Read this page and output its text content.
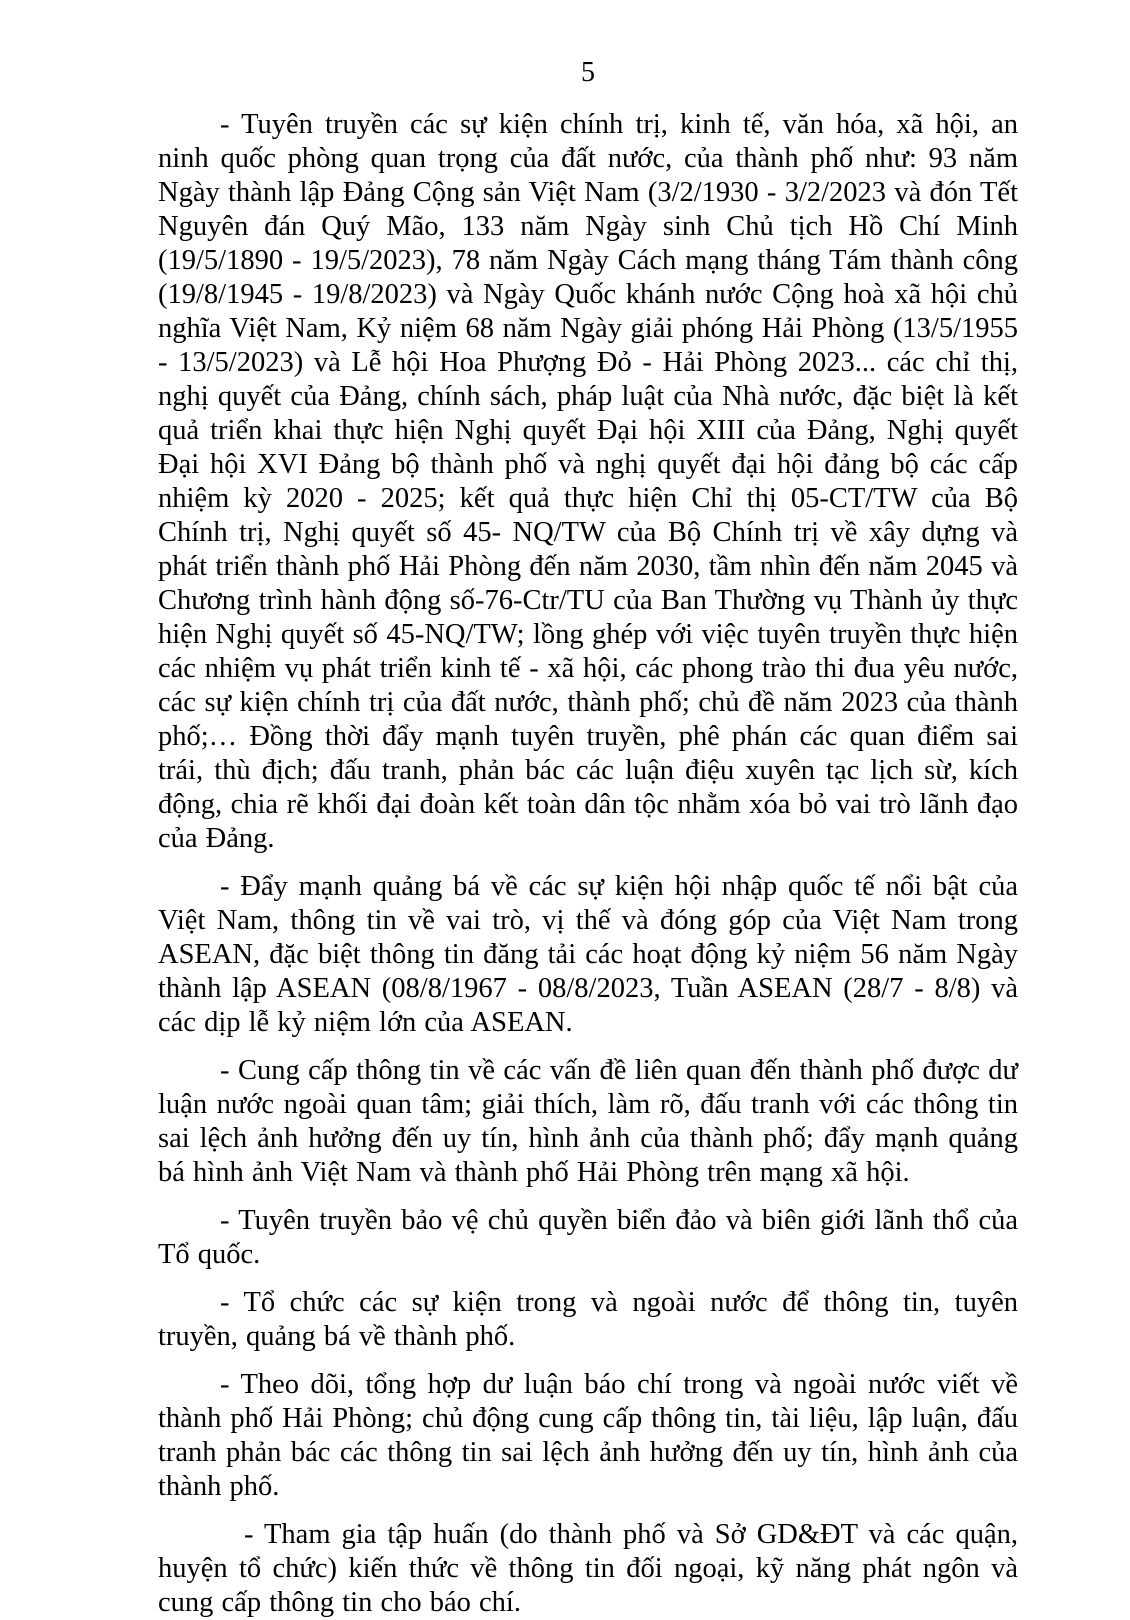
5

- Tuyên truyền các sự kiện chính trị, kinh tế, văn hóa, xã hội, an ninh quốc phòng quan trọng của đất nước, của thành phố như: 93 năm Ngày thành lập Đảng Cộng sản Việt Nam (3/2/1930 - 3/2/2023 và đón Tết Nguyên đán Quý Mão, 133 năm Ngày sinh Chủ tịch Hồ Chí Minh (19/5/1890 - 19/5/2023), 78 năm Ngày Cách mạng tháng Tám thành công (19/8/1945 - 19/8/2023) và Ngày Quốc khánh nước Cộng hoà xã hội chủ nghĩa Việt Nam, Kỷ niệm 68 năm Ngày giải phóng Hải Phòng (13/5/1955 - 13/5/2023) và Lễ hội Hoa Phượng Đỏ - Hải Phòng 2023... các chỉ thị, nghị quyết của Đảng, chính sách, pháp luật của Nhà nước, đặc biệt là kết quả triển khai thực hiện Nghị quyết Đại hội XIII của Đảng, Nghị quyết Đại hội XVI Đảng bộ thành phố và nghị quyết đại hội đảng bộ các cấp nhiệm kỳ 2020 - 2025; kết quả thực hiện Chỉ thị 05-CT/TW của Bộ Chính trị, Nghị quyết số 45- NQ/TW của Bộ Chính trị về xây dựng và phát triển thành phố Hải Phòng đến năm 2030, tầm nhìn đến năm 2045 và Chương trình hành động số-76-Ctr/TU của Ban Thường vụ Thành ủy thực hiện Nghị quyết số 45-NQ/TW; lồng ghép với việc tuyên truyền thực hiện các nhiệm vụ phát triển kinh tế - xã hội, các phong trào thi đua yêu nước, các sự kiện chính trị của đất nước, thành phố; chủ đề năm 2023 của thành phố;… Đồng thời đẩy mạnh tuyên truyền, phê phán các quan điểm sai trái, thù địch; đấu tranh, phản bác các luận điệu xuyên tạc lịch sừ, kích động, chia rẽ khối đại đoàn kết toàn dân tộc nhằm xóa bỏ vai trò lãnh đạo của Đảng.

- Đẩy mạnh quảng bá về các sự kiện hội nhập quốc tế nổi bật của Việt Nam, thông tin về vai trò, vị thế và đóng góp của Việt Nam trong ASEAN, đặc biệt thông tin đăng tải các hoạt động kỷ niệm 56 năm Ngày thành lập ASEAN (08/8/1967 - 08/8/2023, Tuần ASEAN (28/7 - 8/8) và các dịp lễ kỷ niệm lớn của ASEAN.

- Cung cấp thông tin về các vấn đề liên quan đến thành phố được dư luận nước ngoài quan tâm; giải thích, làm rõ, đấu tranh với các thông tin sai lệch ảnh hưởng đến uy tín, hình ảnh của thành phố; đẩy mạnh quảng bá hình ảnh Việt Nam và thành phố Hải Phòng trên mạng xã hội.

- Tuyên truyền bảo vệ chủ quyền biển đảo và biên giới lãnh thổ của Tổ quốc.

- Tổ chức các sự kiện trong và ngoài nước để thông tin, tuyên truyền, quảng bá về thành phố.

- Theo dõi, tổng hợp dư luận báo chí trong và ngoài nước viết về thành phố Hải Phòng; chủ động cung cấp thông tin, tài liệu, lập luận, đấu tranh phản bác các thông tin sai lệch ảnh hưởng đến uy tín, hình ảnh của thành phố.

- Tham gia tập huấn (do thành phố và Sở GD&ĐT và các quận, huyện tổ chức) kiến thức về thông tin đối ngoại, kỹ năng phát ngôn và cung cấp thông tin cho báo chí.
